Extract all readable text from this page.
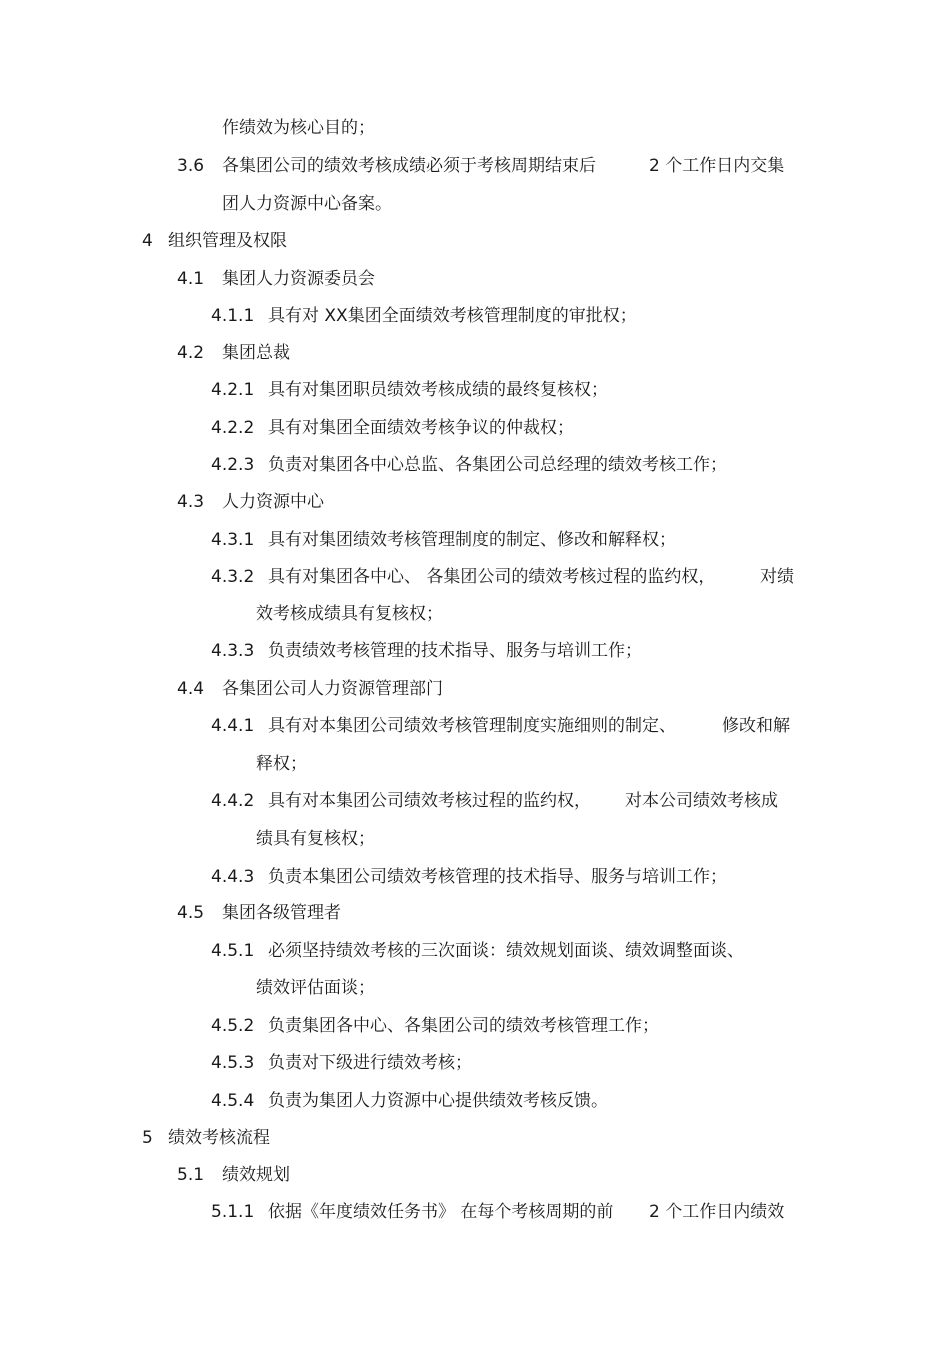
作绩效为核心目的；
3.6 各集团公司的绩效考核成绩必须于考核周期结束后	2 个工作日内交集
团人力资源中心备案。
4 组织管理及权限
4.1 集团人力资源委员会
4.1.1 具有对 XX集团全面绩效考核管理制度的审批权；
4.2 集团总裁
4.2.1 具有对集团职员绩效考核成绩的最终复核权；
4.2.2 具有对集团全面绩效考核争议的仲裁权；
4.2.3 负责对集团各中心总监、各集团公司总经理的绩效考核工作；
4.3 人力资源中心
4.3.1 具有对集团绩效考核管理制度的制定、修改和解释权；
4.3.2 具有对集团各中心、 各集团公司的绩效考核过程的监约权，	对绩
效考核成绩具有复核权；
4.3.3 负责绩效考核管理的技术指导、服务与培训工作；
4.4 各集团公司人力资源管理部门
4.4.1 具有对本集团公司绩效考核管理制度实施细则的制定、	修改和解
释权；
4.4.2 具有对本集团公司绩效考核过程的监约权， 对本公司绩效考核成
绩具有复核权；
4.4.3 负责本集团公司绩效考核管理的技术指导、服务与培训工作；
4.5 集团各级管理者
4.5.1 必须坚持绩效考核的三次面谈：绩效规划面谈、绩效调整面谈、
绩效评估面谈；
4.5.2 负责集团各中心、各集团公司的绩效考核管理工作；
4.5.3 负责对下级进行绩效考核；
4.5.4 负责为集团人力资源中心提供绩效考核反馈。
5 绩效考核流程
5.1 绩效规划
5.1.1 依据《年度绩效任务书》 在每个考核周期的前 2 个工作日内绩效
